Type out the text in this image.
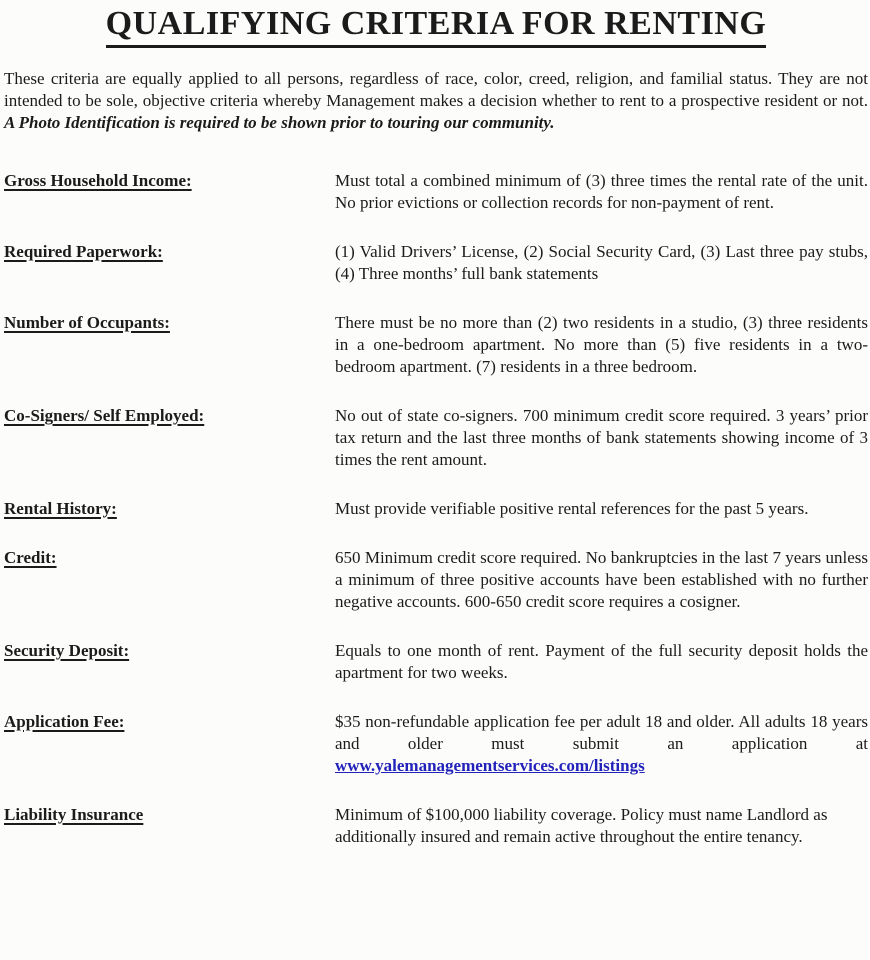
QUALIFYING CRITERIA FOR RENTING

These criteria are equally applied to all persons, regardless of race, color, creed, religion, and familial status. They are not intended to be sole, objective criteria whereby Management makes a decision whether to rent to a prospective resident or not. A Photo Identification is required to be shown prior to touring our community.

Gross Household Income:	Must total a combined minimum of (3) three times the rental rate of the unit. No prior evictions or collection records for non-payment of rent.
Required Paperwork:	(1) Valid Drivers’ License, (2) Social Security Card, (3) Last three pay stubs, (4) Three months’ full bank statements
Number of Occupants:	There must be no more than (2) two residents in a studio, (3) three residents in a one-bedroom apartment. No more than (5) five residents in a two-bedroom apartment. (7) residents in a three bedroom.
Co-Signers/ Self Employed:	No out of state co-signers. 700 minimum credit score required. 3 years’ prior tax return and the last three months of bank statements showing income of 3 times the rent amount.
Rental History:	Must provide verifiable positive rental references for the past 5 years.
Credit:	650 Minimum credit score required. No bankruptcies in the last 7 years unless a minimum of three positive accounts have been established with no further negative accounts. 600-650 credit score requires a cosigner.
Security Deposit:	Equals to one month of rent. Payment of the full security deposit holds the apartment for two weeks.
Application Fee:	$35 non-refundable application fee per adult 18 and older. All adults 18 years and older must submit an application at www.yalemanagementservices.com/listings
Liability Insurance	Minimum of $100,000 liability coverage. Policy must name Landlord as additionally insured and remain active throughout the entire tenancy.
